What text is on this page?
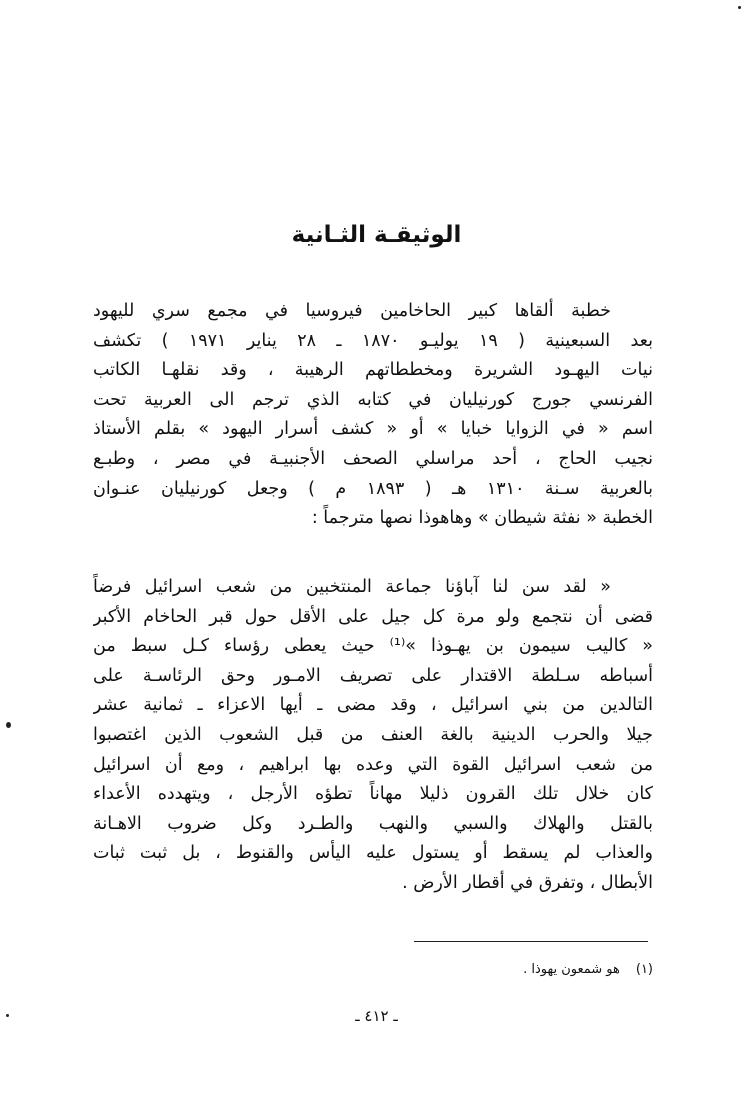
الوثيقـة الثـانية
خطبة ألقاها كبير الحاخامين فيروسيا في مجمع سري لليهود
بعد السبعينية ( ١٩ يوليـو ١٨٧٠ ـ ٢٨ يناير ١٩٧١ ) تكشف
نيات اليهـود الشريرة ومخططاتهم الرهيبة ، وقد نقلهـا الكاتب
الفرنسي جورج كورنيليان في كتابه الذي ترجم الى العربية تحت
اسم « في الزوايا خبايا » أو « كشف أسرار اليهود » بقلم الأستاذ
نجيب الحاج ، أحد مراسلي الصحف الأجنبيـة في مصر ، وطبـع
بالعربية سـنة ١٣١٠ هـ ( ١٨٩٣ م ) وجعل كورنيليان عنـوان
الخطبة « نفثة شيطان » وهاهوذا نصها مترجماً :
« لقد سن لنا آباؤنا جماعة المنتخبين من شعب اسرائيل فرضاً
قضى أن نتجمع ولو مرة كل جيل على الأقل حول قبر الحاخام الأكبر
« كاليب سيمون بن يهـوذا »⁽¹⁾ حيث يعطى رؤساء كـل سبط من
أسباطه سـلطة الاقتدار على تصريف الامـور وحق الرئاسـة على
التالدين من بني اسرائيل ، وقد مضى ـ أيها الاعزاء ـ ثمانية عشر
جيلا والحرب الدينية بالغة العنف من قبل الشعوب الذين اغتصبوا
من شعب اسرائيل القوة التي وعده بها ابراهيم ، ومع أن اسرائيل
كان خلال تلك القرون ذليلا مهاناً تطؤه الأرجل ، ويتهدده الأعداء
بالقتل والهلاك والسبي والنهب والطـرد وكل ضروب الاهـانة
والعذاب لم يسقط أو يستول عليه اليأس والقنوط ، بل ثبت ثبات
الأبطال ، وتفرق في أقطار الأرض .
(١)هو شمعون يهوذا .
ـ ٤١٢ ـ
